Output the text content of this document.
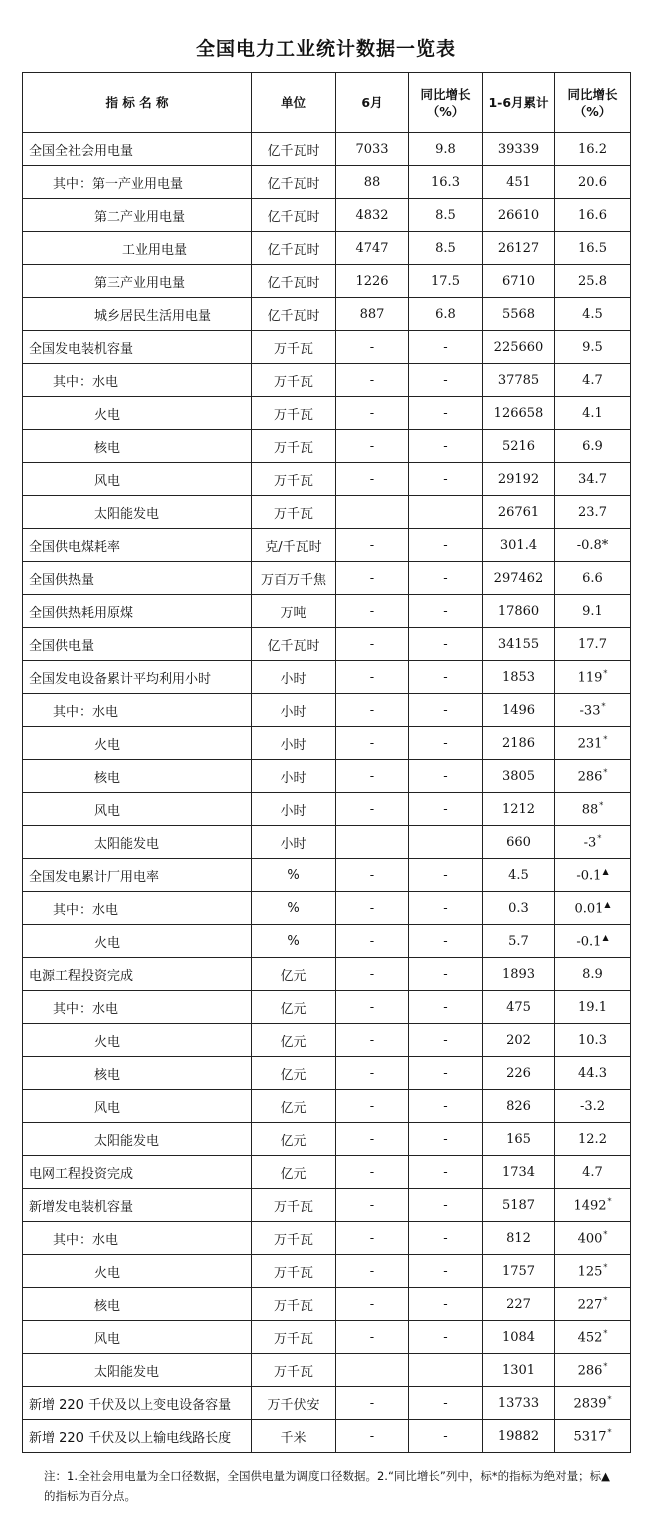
全国电力工业统计数据一览表
指 标 名 称	单位	6月	同比增长（%）	1-6月累计	同比增长（%）
全国全社会用电量	亿千瓦时	7033	9.8	39339	16.2
其中：第一产业用电量	亿千瓦时	88	16.3	451	20.6
第二产业用电量	亿千瓦时	4832	8.5	26610	16.6
工业用电量	亿千瓦时	4747	8.5	26127	16.5
第三产业用电量	亿千瓦时	1226	17.5	6710	25.8
城乡居民生活用电量	亿千瓦时	887	6.8	5568	4.5
全国发电装机容量	万千瓦	-	-	225660	9.5
其中：水电	万千瓦	-	-	37785	4.7
火电	万千瓦	-	-	126658	4.1
核电	万千瓦	-	-	5216	6.9
风电	万千瓦	-	-	29192	34.7
太阳能发电	万千瓦			26761	23.7
全国供电煤耗率	克/千瓦时	-	-	301.4	-0.8*
全国供热量	万百万千焦	-	-	297462	6.6
全国供热耗用原煤	万吨	-	-	17860	9.1
全国供电量	亿千瓦时	-	-	34155	17.7
全国发电设备累计平均利用小时	小时	-	-	1853	119*
其中：水电	小时	-	-	1496	-33*
火电	小时	-	-	2186	231*
核电	小时	-	-	3805	286*
风电	小时	-	-	1212	88*
太阳能发电	小时			660	-3*
全国发电累计厂用电率	%	-	-	4.5	-0.1▲
其中：水电	%	-	-	0.3	0.01▲
火电	%	-	-	5.7	-0.1▲
电源工程投资完成	亿元	-	-	1893	8.9
其中：水电	亿元	-	-	475	19.1
火电	亿元	-	-	202	10.3
核电	亿元	-	-	226	44.3
风电	亿元	-	-	826	-3.2
太阳能发电	亿元	-	-	165	12.2
电网工程投资完成	亿元	-	-	1734	4.7
新增发电装机容量	万千瓦	-	-	5187	1492*
其中：水电	万千瓦	-	-	812	400*
火电	万千瓦	-	-	1757	125*
核电	万千瓦	-	-	227	227*
风电	万千瓦	-	-	1084	452*
太阳能发电	万千瓦			1301	286*
新增 220 千伏及以上变电设备容量	万千伏安	-	-	13733	2839*
新增 220 千伏及以上输电线路长度	千米	-	-	19882	5317*
注：1.全社会用电量为全口径数据，全国供电量为调度口径数据。2.“同比增长”列中，标*的指标为绝对量；标▲的指标为百分点。
